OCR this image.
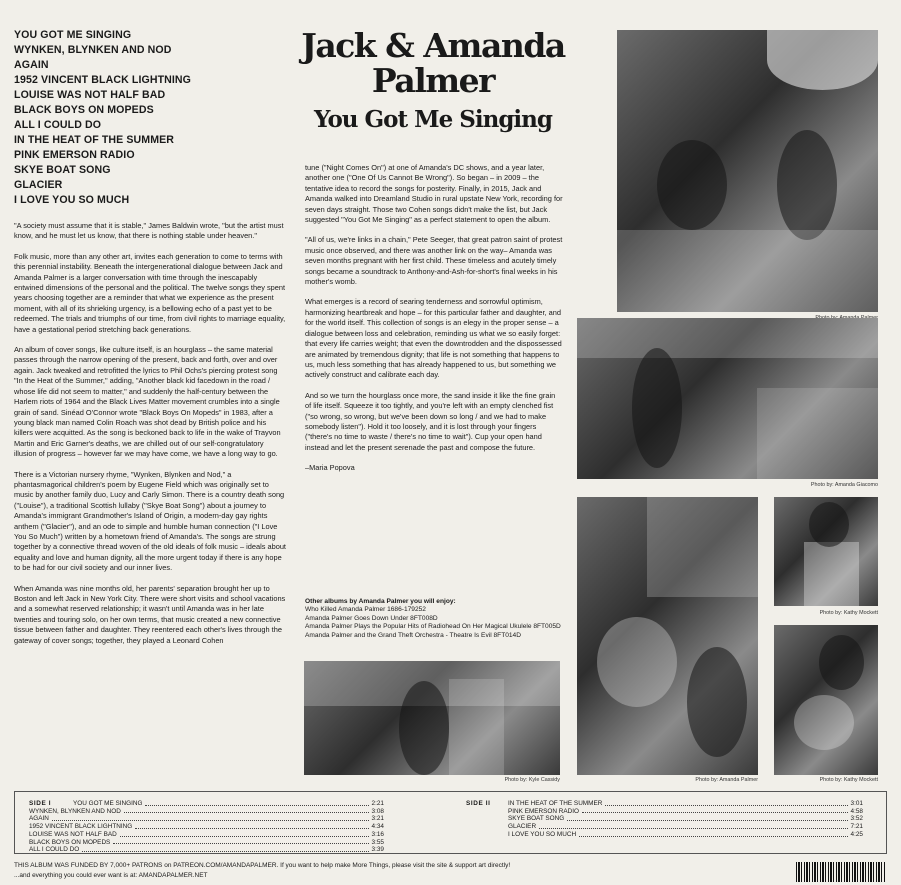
YOU GOT ME SINGING
WYNKEN, BLYNKEN AND NOD
AGAIN
1952 VINCENT BLACK LIGHTNING
LOUISE WAS NOT HALF BAD
BLACK BOYS ON MOPEDS
ALL I COULD DO
IN THE HEAT OF THE SUMMER
PINK EMERSON RADIO
SKYE BOAT SONG
GLACIER
I LOVE YOU SO MUCH

"A society must assume that it is stable," James Baldwin wrote, "but the artist must know, and he must let us know, that there is nothing stable under heaven."

Folk music, more than any other art, invites each generation to come to terms with this perennial instability. Beneath the intergenerational dialogue between Jack and Amanda Palmer is a larger conversation with time through the inescapably entwined dimensions of the personal and the political. The twelve songs they spent years choosing together are a reminder that what we experience as the present moment, with all of its shrieking urgency, is a bellowing echo of a past yet to be redeemed. The trials and triumphs of our time, from civil rights to marriage equality, have a gestational period stretching back generations.

An album of cover songs, like culture itself, is an hourglass – the same material passes through the narrow opening of the present, back and forth, over and over again. Jack tweaked and retrofitted the lyrics to Phil Ochs's piercing protest song "In the Heat of the Summer," adding, "Another black kid facedown in the road / whose life did not seem to matter," and suddenly the half-century between the Harlem riots of 1964 and the Black Lives Matter movement crumbles into a single grain of sand. Sinéad O'Connor wrote "Black Boys On Mopeds" in 1983, after a young black man named Colin Roach was shot dead by British police and his killers were acquitted. As the song is beckoned back to life in the wake of Trayvon Martin and Eric Garner's deaths, we are chilled out of our self-congratulatory illusion of progress – however far we may have come, we have a long way to go.

There is a Victorian nursery rhyme, "Wynken, Blynken and Nod," a phantasmagorical children's poem by Eugene Field which was originally set to music by another family duo, Lucy and Carly Simon. There is a country death song ("Louise"), a traditional Scottish lullaby ("Skye Boat Song") about a journey to Amanda's immigrant Grandmother's Island of Origin, a modern-day gay rights anthem ("Glacier"), and an ode to simple and humble human connection ("I Love You So Much") written by a hometown friend of Amanda's. The songs are strung together by a connective thread woven of the old ideals of folk music – ideals about equality and love and human dignity, all the more urgent today if there is any hope to be had for our civil society and our inner lives.

When Amanda was nine months old, her parents' separation brought her up to Boston and left Jack in New York City. There were short visits and school vacations and a somewhat reserved relationship; it wasn't until Amanda was in her late twenties and touring solo, on her own terms, that music created a new connective tissue between father and daughter. They reentered each other's lives through the gateway of cover songs; together, they played a Leonard Cohen

Jack & Amanda
Palmer
You Got Me Singing

tune ("Night Comes On") at one of Amanda's DC shows, and a year later, another one ("One Of Us Cannot Be Wrong"). So began – in 2009 – the tentative idea to record the songs for posterity. Finally, in 2015, Jack and Amanda walked into Dreamland Studio in rural upstate New York, recording for seven days straight. Those two Cohen songs didn't make the list, but Jack suggested "You Got Me Singing" as a perfect statement to open the album.

"All of us, we're links in a chain," Pete Seeger, that great patron saint of protest music once observed, and there was another link on the way– Amanda was seven months pregnant with her first child. These timeless and acutely timely songs became a soundtrack to Anthony-and-Ash-for-short's final weeks in his mother's womb.

What emerges is a record of searing tenderness and sorrowful optimism, harmonizing heartbreak and hope – for this particular father and daughter, and for the world itself. This collection of songs is an elegy in the proper sense – a dialogue between loss and celebration, reminding us what we so easily forget: that every life carries weight; that even the downtrodden and the dispossessed are animated by tremendous dignity; that life is not something that happens to us, much less something that has already happened to us, but something we actively construct and calibrate each day.

And so we turn the hourglass once more, the sand inside it like the fine grain of life itself. Squeeze it too tightly, and you're left with an empty clenched fist ("so wrong, so wrong, but we've been down so long / and we had to make somebody listen"). Hold it too loosely, and it is lost through your fingers ("there's no time to waste / there's no time to wait"). Cup your open hand instead and let the present serenade the past and compose the future.

–Maria Popova

Other albums by Amanda Palmer you will enjoy:
Who Killed Amanda Palmer 1686-179252
Amanda Palmer Goes Down Under 8FT008D
Amanda Palmer Plays the Popular Hits of Radiohead On Her Magical Ukulele 8FT005D
Amanda Palmer and the Grand Theft Orchestra - Theatre Is Evil 8FT014D
Photo by: Amanda Giacomo
Photo by: Kathy Mockett
Photo by: Kyle Cassidy	Photo by: Amanda Palmer	Photo by: Kathy Mockett
SIDE I	YOU GOT ME SINGING	2:21
WYNKEN, BLYNKEN AND NOD	3:08
AGAIN	3:21
1952 VINCENT BLACK LIGHTNING	4:34
LOUISE WAS NOT HALF BAD	3:16
BLACK BOYS ON MOPEDS	3:55
ALL I COULD DO	3:39
SIDE II	IN THE HEAT OF THE SUMMER	3:01
PINK EMERSON RADIO	4:58
SKYE BOAT SONG	3:52
GLACIER	7:21
I LOVE YOU SO MUCH	4:25
THIS ALBUM WAS FUNDED BY 7,000+ PATRONS on PATREON.COM/AMANDAPALMER. If you want to help make More Things, please visit the site & support art directly!
...and everything you could ever want is at: AMANDAPALMER.NET
